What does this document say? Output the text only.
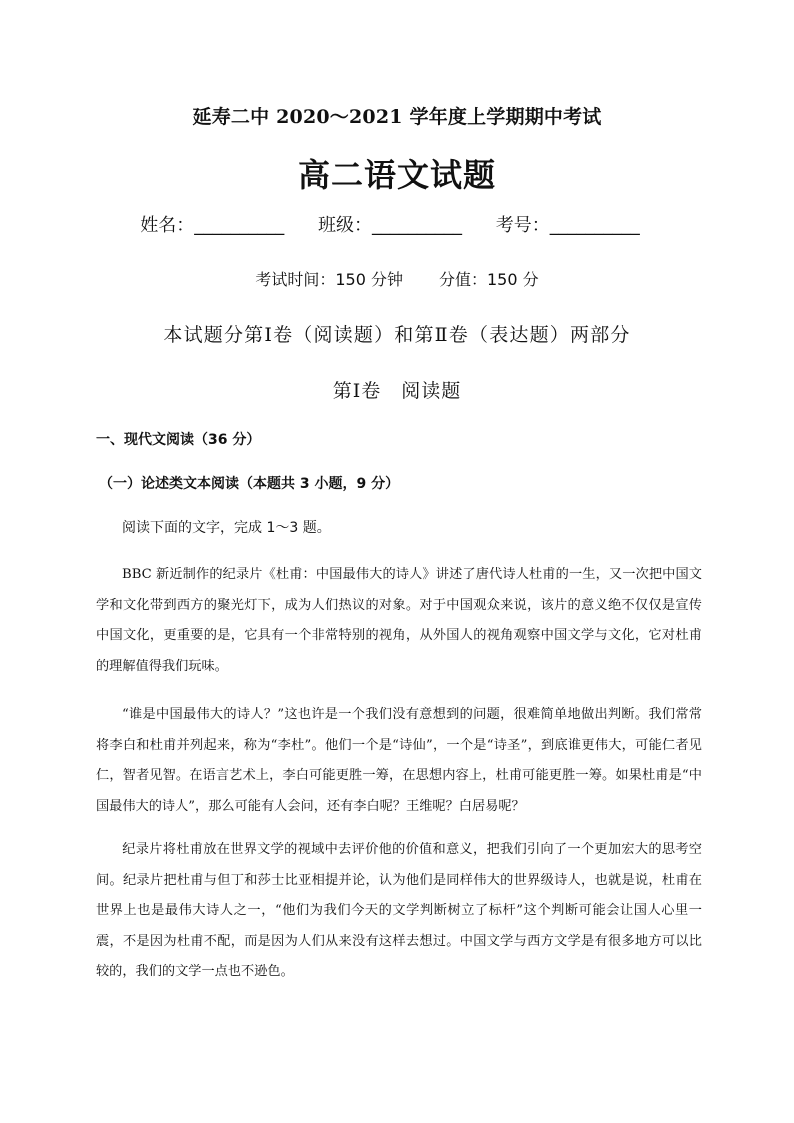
延寿二中 2020～2021 学年度上学期期中考试
高二语文试题
姓名：__________ 班级：__________ 考号：__________
考试时间：150 分钟 分值：150 分
本试题分第Ⅰ卷（阅读题）和第Ⅱ卷（表达题）两部分
第Ⅰ卷　阅读题
一、现代文阅读（36 分）
（一）论述类文本阅读（本题共 3 小题，9 分）
阅读下面的文字，完成 1～3 题。

BBC 新近制作的纪录片《杜甫：中国最伟大的诗人》讲述了唐代诗人杜甫的一生，又一次把中国文学和文化带到西方的聚光灯下，成为人们热议的对象。对于中国观众来说，该片的意义绝不仅仅是宣传中国文化，更重要的是，它具有一个非常特别的视角，从外国人的视角观察中国文学与文化，它对杜甫的理解值得我们玩味。

“谁是中国最伟大的诗人？”这也许是一个我们没有意想到的问题，很难简单地做出判断。我们常常将李白和杜甫并列起来，称为“李杜”。他们一个是“诗仙”，一个是“诗圣”，到底谁更伟大，可能仁者见仁，智者见智。在语言艺术上，李白可能更胜一筹，在思想内容上，杜甫可能更胜一筹。如果杜甫是“中国最伟大的诗人”，那么可能有人会问，还有李白呢？王维呢？白居易呢？

纪录片将杜甫放在世界文学的视域中去评价他的价值和意义，把我们引向了一个更加宏大的思考空间。纪录片把杜甫与但丁和莎士比亚相提并论，认为他们是同样伟大的世界级诗人，也就是说，杜甫在世界上也是最伟大诗人之一，“他们为我们今天的文学判断树立了标杆”这个判断可能会让国人心里一震，不是因为杜甫不配，而是因为人们从来没有这样去想过。中国文学与西方文学是有很多地方可以比较的，我们的文学一点也不逊色。
